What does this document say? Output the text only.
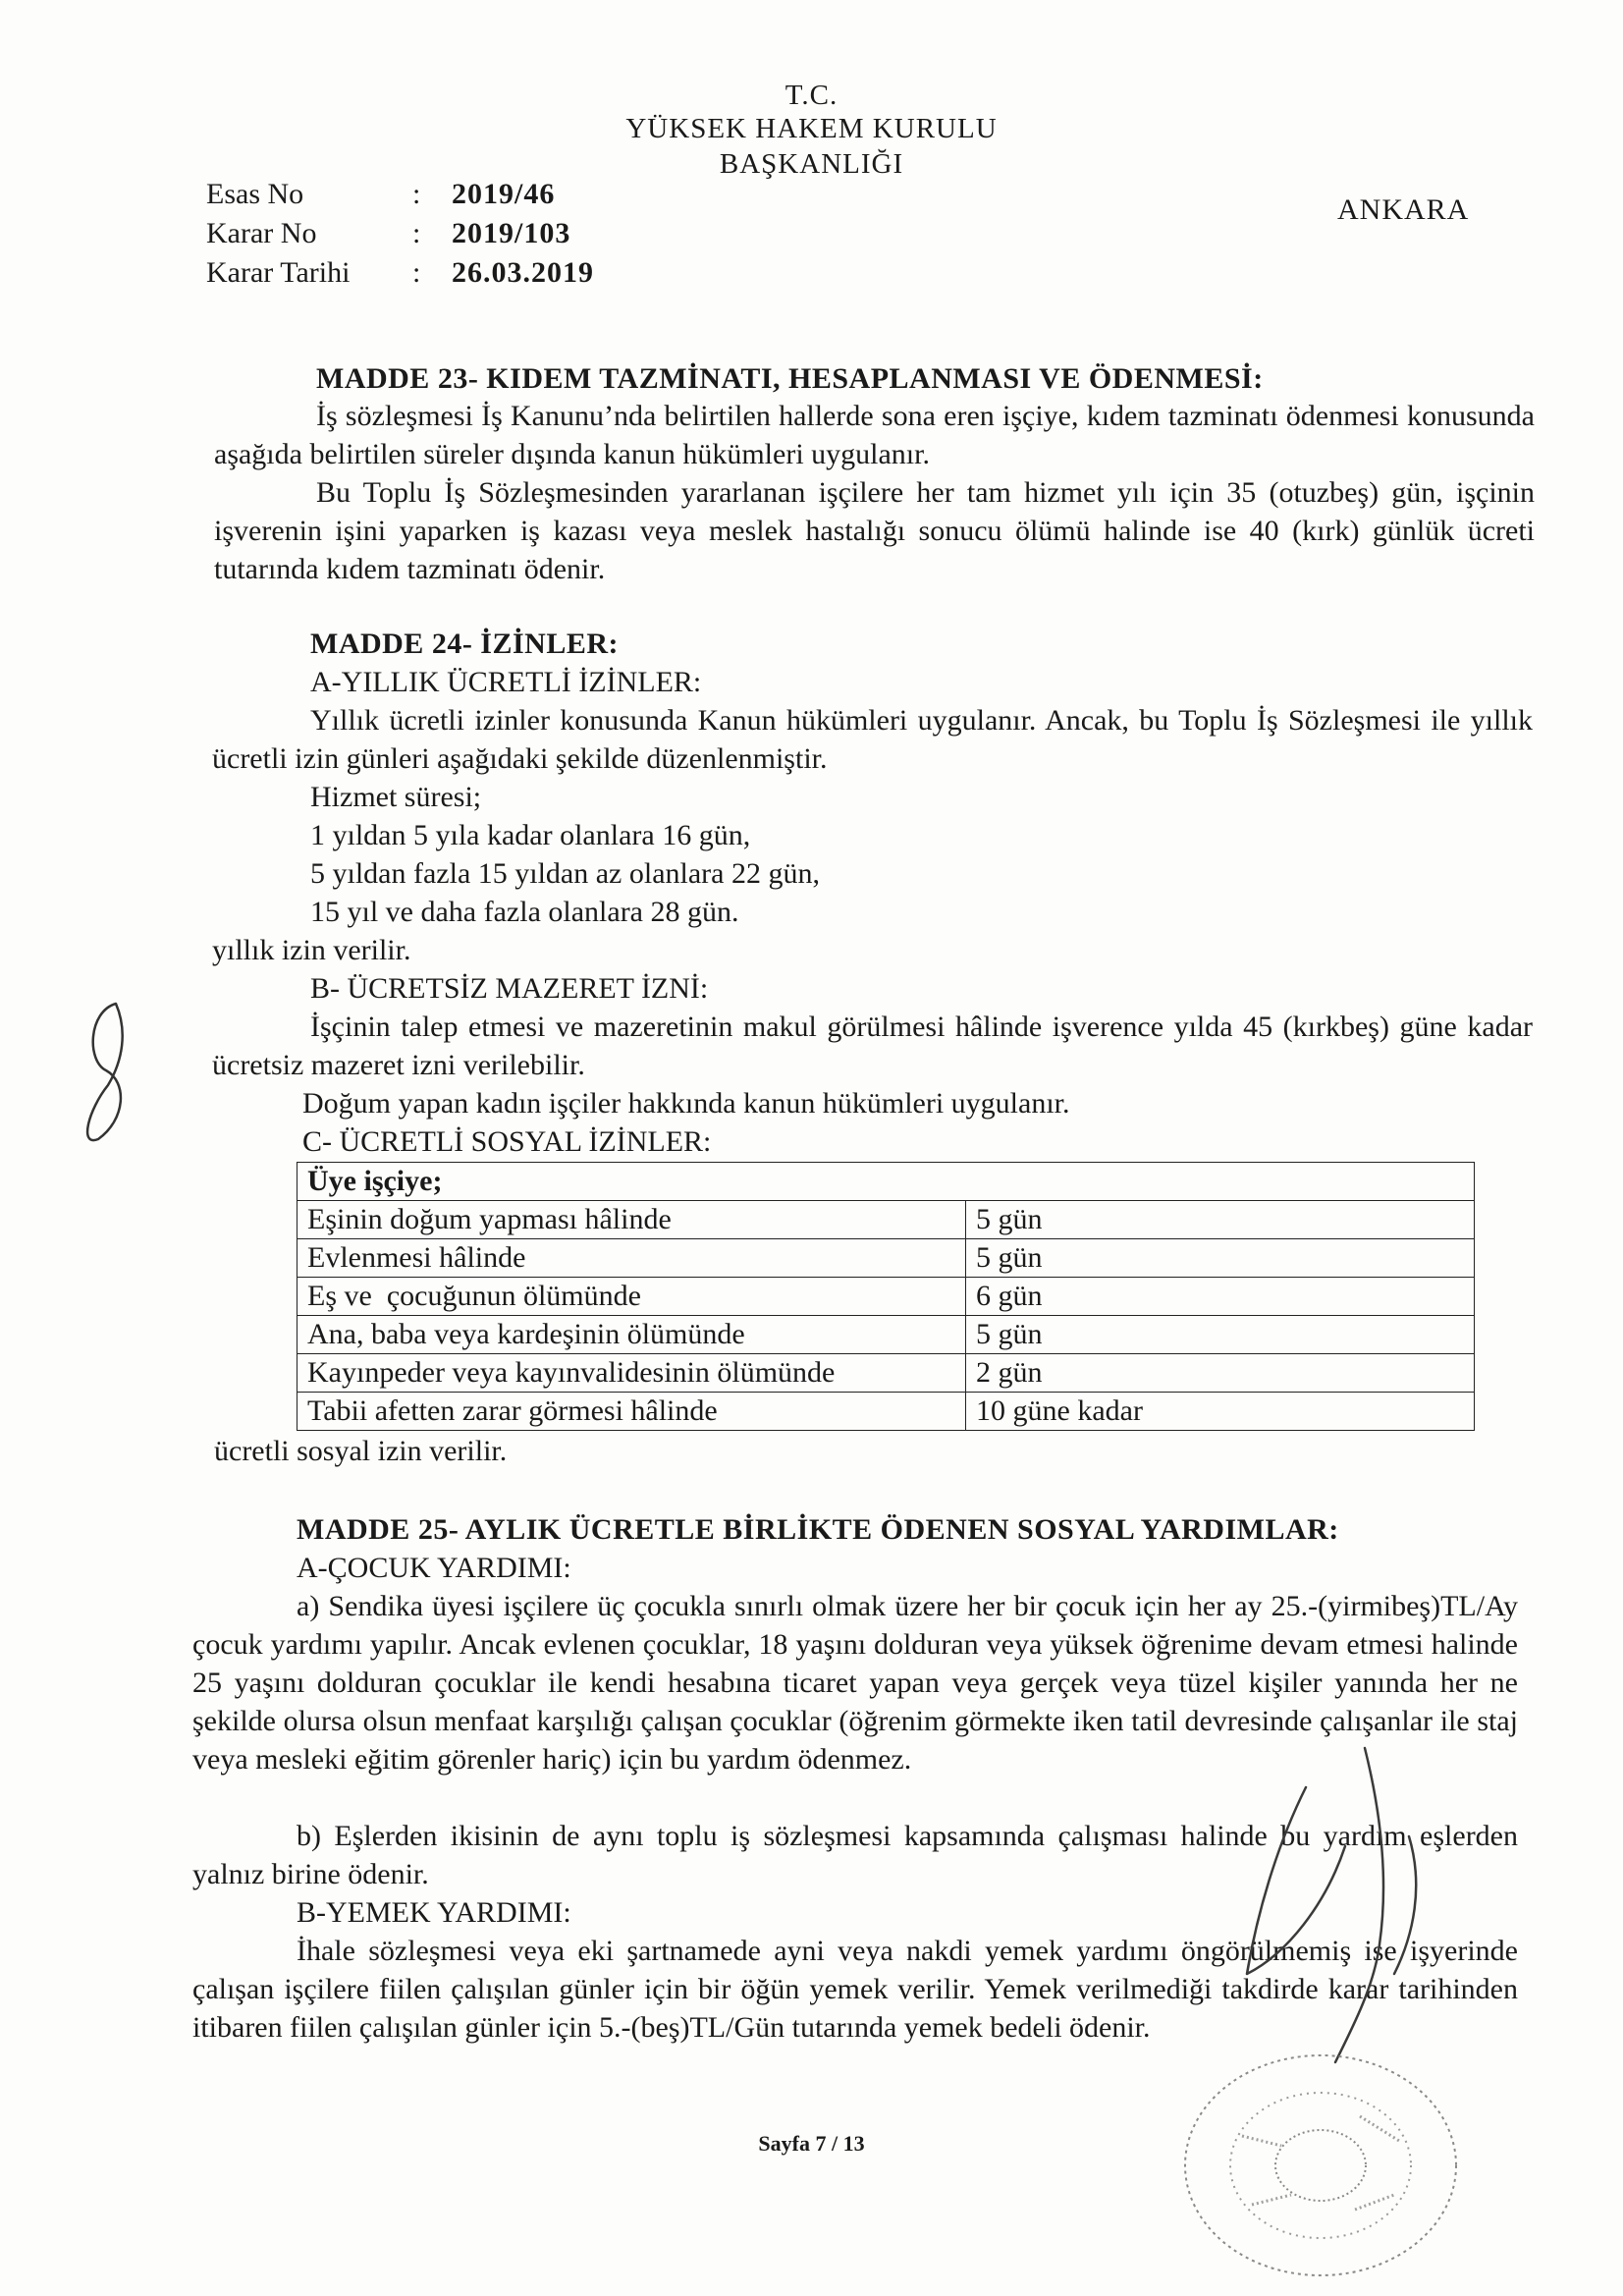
T.C.
YÜKSEK HAKEM KURULU
BAŞKANLIĞI
ANKARA
Esas No	: 2019/46
Karar No	: 2019/103
Karar Tarihi : 26.03.2019
MADDE 23- KIDEM TAZMİNATI, HESAPLANMASI VE ÖDENMESİ:
İş sözleşmesi İş Kanunu’nda belirtilen hallerde sona eren işçiye, kıdem tazminatı ödenmesi konusunda aşağıda belirtilen süreler dışında kanun hükümleri uygulanır.
Bu Toplu İş Sözleşmesinden yararlanan işçilere her tam hizmet yılı için 35 (otuzbeş) gün, işçinin işverenin işini yaparken iş kazası veya meslek hastalığı sonucu ölümü halinde ise 40 (kırk) günlük ücreti tutarında kıdem tazminatı ödenir.
MADDE 24- İZİNLER:
A-YILLIK ÜCRETLİ İZİNLER:
Yıllık ücretli izinler konusunda Kanun hükümleri uygulanır. Ancak, bu Toplu İş Sözleşmesi ile yıllık ücretli izin günleri aşağıdaki şekilde düzenlenmiştir.
Hizmet süresi;
1 yıldan 5 yıla kadar olanlara 16 gün,
5 yıldan fazla 15 yıldan az olanlara 22 gün,
15 yıl ve daha fazla olanlara 28 gün.
yıllık izin verilir.
B- ÜCRETSİZ MAZERET İZNİ:
İşçinin talep etmesi ve mazeretinin makul görülmesi hâlinde işverence yılda 45 (kırkbeş) güne kadar ücretsiz mazeret izni verilebilir.
Doğum yapan kadın işçiler hakkında kanun hükümleri uygulanır.
C- ÜCRETLİ SOSYAL İZİNLER:
Üye işçiye;	
Eşinin doğum yapması hâlinde	5 gün
Evlenmesi hâlinde	5 gün
Eş ve  çocuğunun ölümünde	6 gün
Ana, baba veya kardeşinin ölümünde	5 gün
Kayınpeder veya kayınvalidesinin ölümünde	2 gün
Tabii afetten zarar görmesi hâlinde	10 güne kadar
ücretli sosyal izin verilir.
MADDE 25- AYLIK ÜCRETLE BİRLİKTE ÖDENEN SOSYAL YARDIMLAR:
A-ÇOCUK YARDIMI:
a) Sendika üyesi işçilere üç çocukla sınırlı olmak üzere her bir çocuk için her ay 25.-(yirmibeş)TL/Ay çocuk yardımı yapılır. Ancak evlenen çocuklar, 18 yaşını dolduran veya yüksek öğrenime devam etmesi halinde 25 yaşını dolduran çocuklar ile kendi hesabına ticaret yapan veya gerçek veya tüzel kişiler yanında her ne şekilde olursa olsun menfaat karşılığı çalışan çocuklar (öğrenim görmekte iken tatil devresinde çalışanlar ile staj veya mesleki eğitim görenler hariç) için bu yardım ödenmez.
b) Eşlerden ikisinin de aynı toplu iş sözleşmesi kapsamında çalışması halinde bu yardım eşlerden yalnız birine ödenir.
B-YEMEK YARDIMI:
İhale sözleşmesi veya eki şartnamede ayni veya nakdi yemek yardımı öngörülmemiş ise işyerinde çalışan işçilere fiilen çalışılan günler için bir öğün yemek verilir. Yemek verilmediği takdirde karar tarihinden itibaren fiilen çalışılan günler için 5.-(beş)TL/Gün tutarında yemek bedeli ödenir.
Sayfa 7 / 13
